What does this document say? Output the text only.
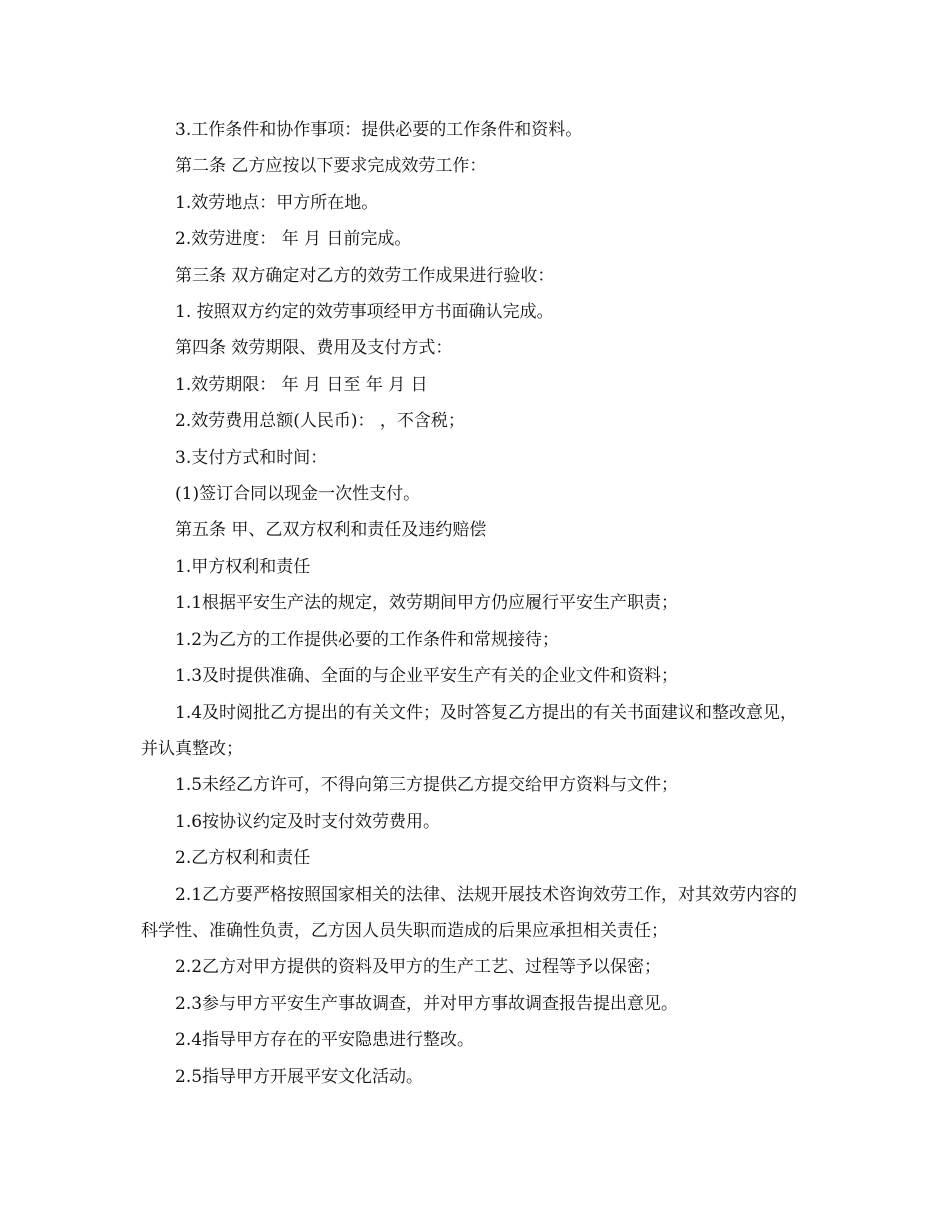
3.工作条件和协作事项：提供必要的工作条件和资料。

第二条 乙方应按以下要求完成效劳工作：

1.效劳地点：甲方所在地。

2.效劳进度： 年 月 日前完成。

第三条 双方确定对乙方的效劳工作成果进行验收：

1. 按照双方约定的效劳事项经甲方书面确认完成。

第四条 效劳期限、费用及支付方式：

1.效劳期限： 年 月 日至 年 月 日

2.效劳费用总额(人民币)： ，不含税；

3.支付方式和时间：

(1)签订合同以现金一次性支付。

第五条 甲、乙双方权利和责任及违约赔偿

1.甲方权利和责任

1.1根据平安生产法的规定，效劳期间甲方仍应履行平安生产职责；

1.2为乙方的工作提供必要的工作条件和常规接待；

1.3及时提供准确、全面的与企业平安生产有关的企业文件和资料；

1.4及时阅批乙方提出的有关文件；及时答复乙方提出的有关书面建议和整改意见，并认真整改；

1.5未经乙方许可，不得向第三方提供乙方提交给甲方资料与文件；

1.6按协议约定及时支付效劳费用。

2.乙方权利和责任

2.1乙方要严格按照国家相关的法律、法规开展技术咨询效劳工作，对其效劳内容的科学性、准确性负责，乙方因人员失职而造成的后果应承担相关责任；

2.2乙方对甲方提供的资料及甲方的生产工艺、过程等予以保密；

2.3参与甲方平安生产事故调查，并对甲方事故调查报告提出意见。

2.4指导甲方存在的平安隐患进行整改。

2.5指导甲方开展平安文化活动。
